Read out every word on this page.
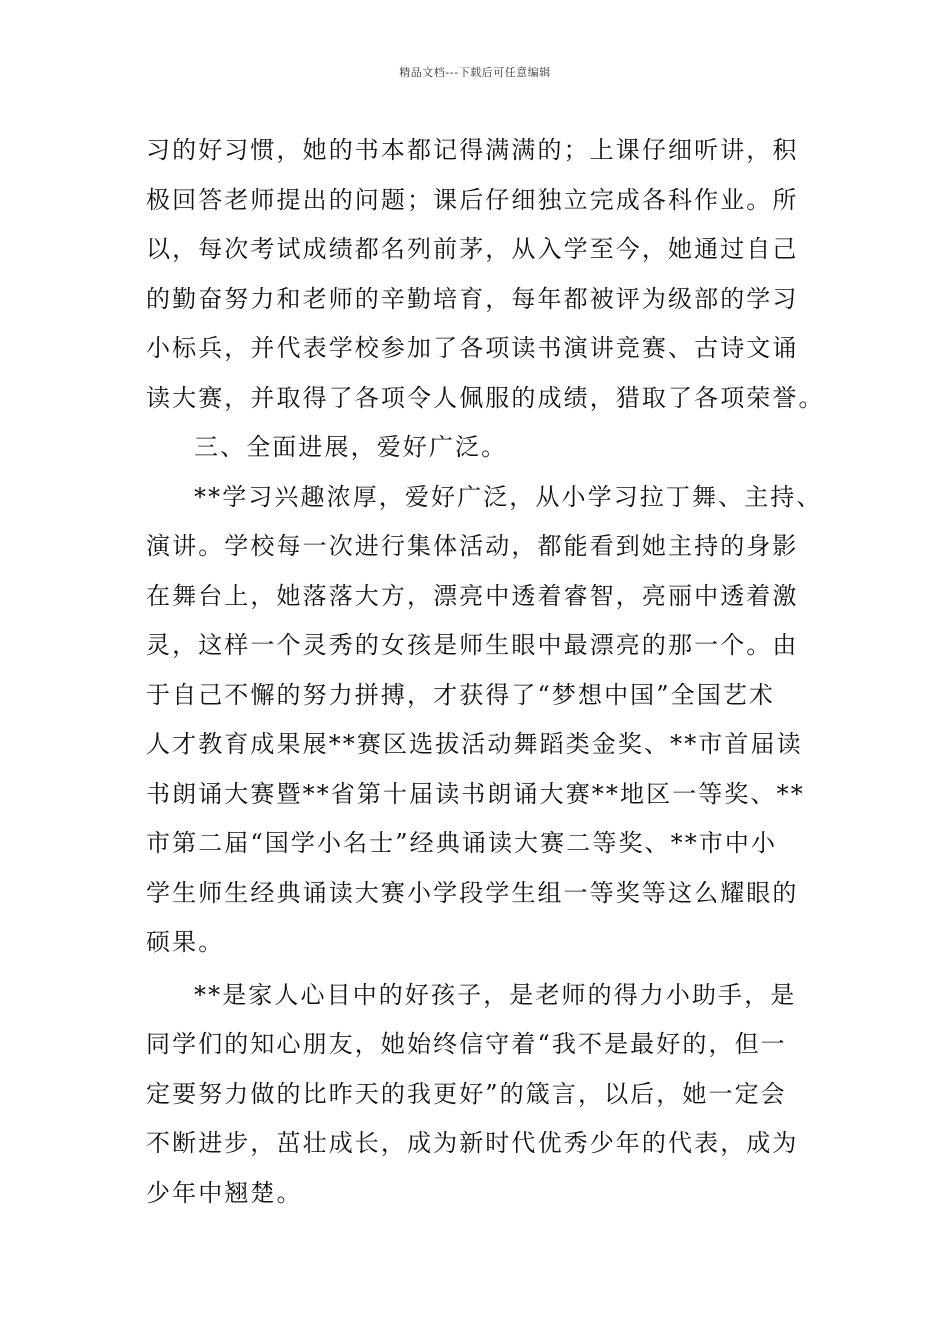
精品文档---下载后可任意编辑
习的好习惯，她的书本都记得满满的；上课仔细听讲，积
极回答老师提出的问题；课后仔细独立完成各科作业。所
以，每次考试成绩都名列前茅，从入学至今，她通过自己
的勤奋努力和老师的辛勤培育，每年都被评为级部的学习
小标兵，并代表学校参加了各项读书演讲竞赛、古诗文诵
读大赛，并取得了各项令人佩服的成绩，猎取了各项荣誉。
三、全面进展，爱好广泛。
**学习兴趣浓厚，爱好广泛，从小学习拉丁舞、主持、
演讲。学校每一次进行集体活动，都能看到她主持的身影
在舞台上，她落落大方，漂亮中透着睿智，亮丽中透着激
灵，这样一个灵秀的女孩是师生眼中最漂亮的那一个。由
于自己不懈的努力拼搏，才获得了“梦想中国”全国艺术
人才教育成果展**赛区选拔活动舞蹈类金奖、**市首届读
书朗诵大赛暨**省第十届读书朗诵大赛**地区一等奖、**
市第二届“国学小名士”经典诵读大赛二等奖、**市中小
学生师生经典诵读大赛小学段学生组一等奖等这么耀眼的
硕果。
**是家人心目中的好孩子，是老师的得力小助手，是
同学们的知心朋友，她始终信守着“我不是最好的，但一
定要努力做的比昨天的我更好”的箴言，以后，她一定会
不断进步，茁壮成长，成为新时代优秀少年的代表，成为
少年中翘楚。
